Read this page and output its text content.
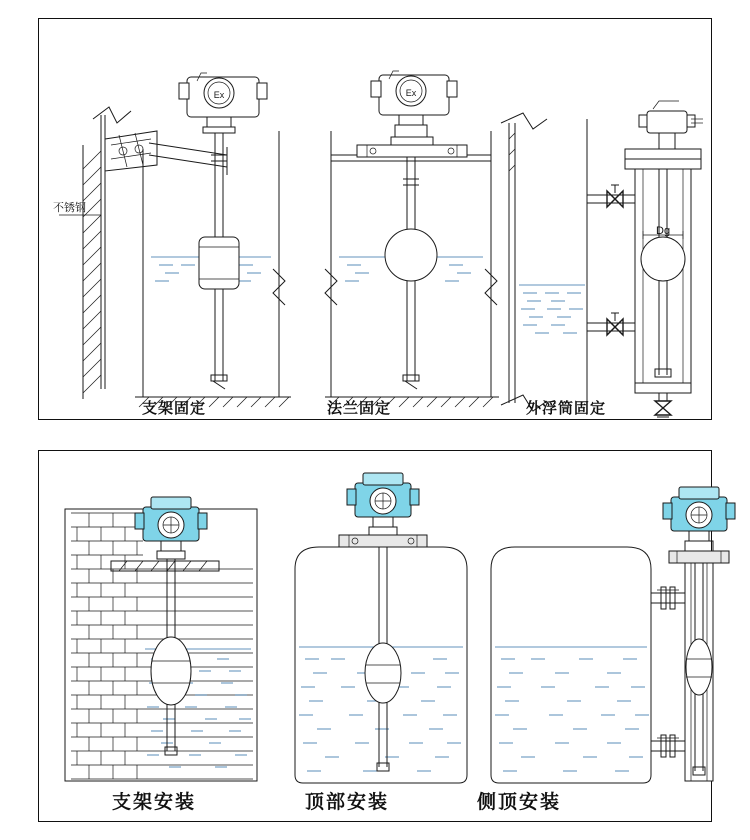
Ex	Ex
不锈钢
Dg
支架固定	法兰固定	外浮筒固定
支架安装	顶部安装	侧顶安装
